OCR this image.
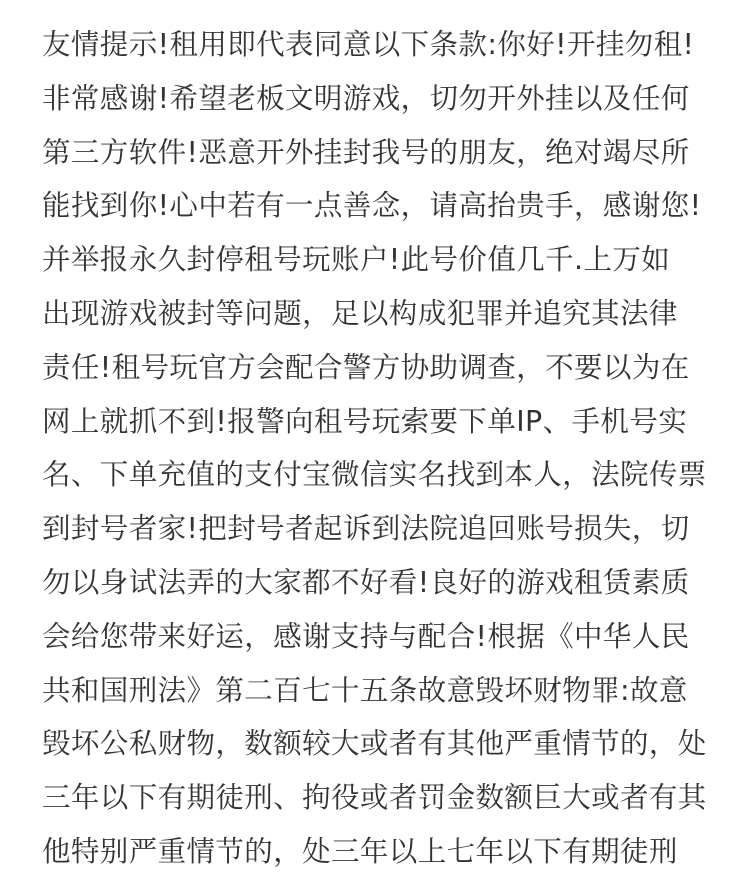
友情提示!租用即代表同意以下条款:你好!开挂勿租!
非常感谢!希望老板文明游戏，切勿开外挂以及任何
第三方软件!恶意开外挂封我号的朋友，绝对竭尽所
能找到你!心中若有一点善念，请高抬贵手，感谢您!
并举报永久封停租号玩账户!此号价值几千.上万如
出现游戏被封等问题，足以构成犯罪并追究其法律
责任!租号玩官方会配合警方协助调查，不要以为在
网上就抓不到!报警向租号玩索要下单IP、手机号实
名、下单充值的支付宝微信实名找到本人，法院传票
到封号者家!把封号者起诉到法院追回账号损失，切
勿以身试法弄的大家都不好看!良好的游戏租赁素质
会给您带来好运，感谢支持与配合!根据《中华人民
共和国刑法》第二百七十五条故意毁坏财物罪:故意
毁坏公私财物，数额较大或者有其他严重情节的，处
三年以下有期徒刑、拘役或者罚金数额巨大或者有其
他特别严重情节的，处三年以上七年以下有期徒刑
